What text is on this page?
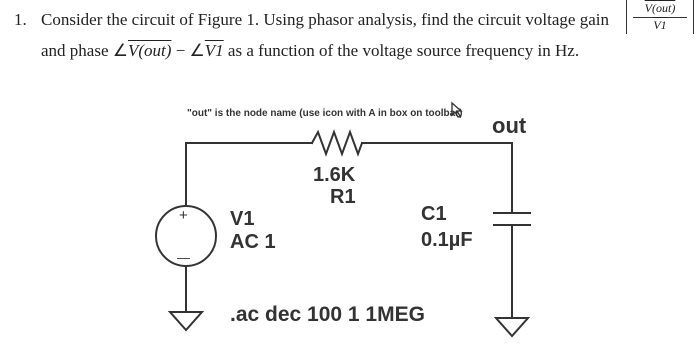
1. Consider the circuit of Figure 1. Using phasor analysis, find the circuit voltage gain
V(out)
V1
and phase ∠V(out) − ∠V1 as a function of the voltage source frequency in Hz.
"out" is the node name (use icon with A in box on toolbar) out
1.6K
R1
+
—
V1
AC 1
C1
0.1µF
.ac dec 100 1 1MEG
